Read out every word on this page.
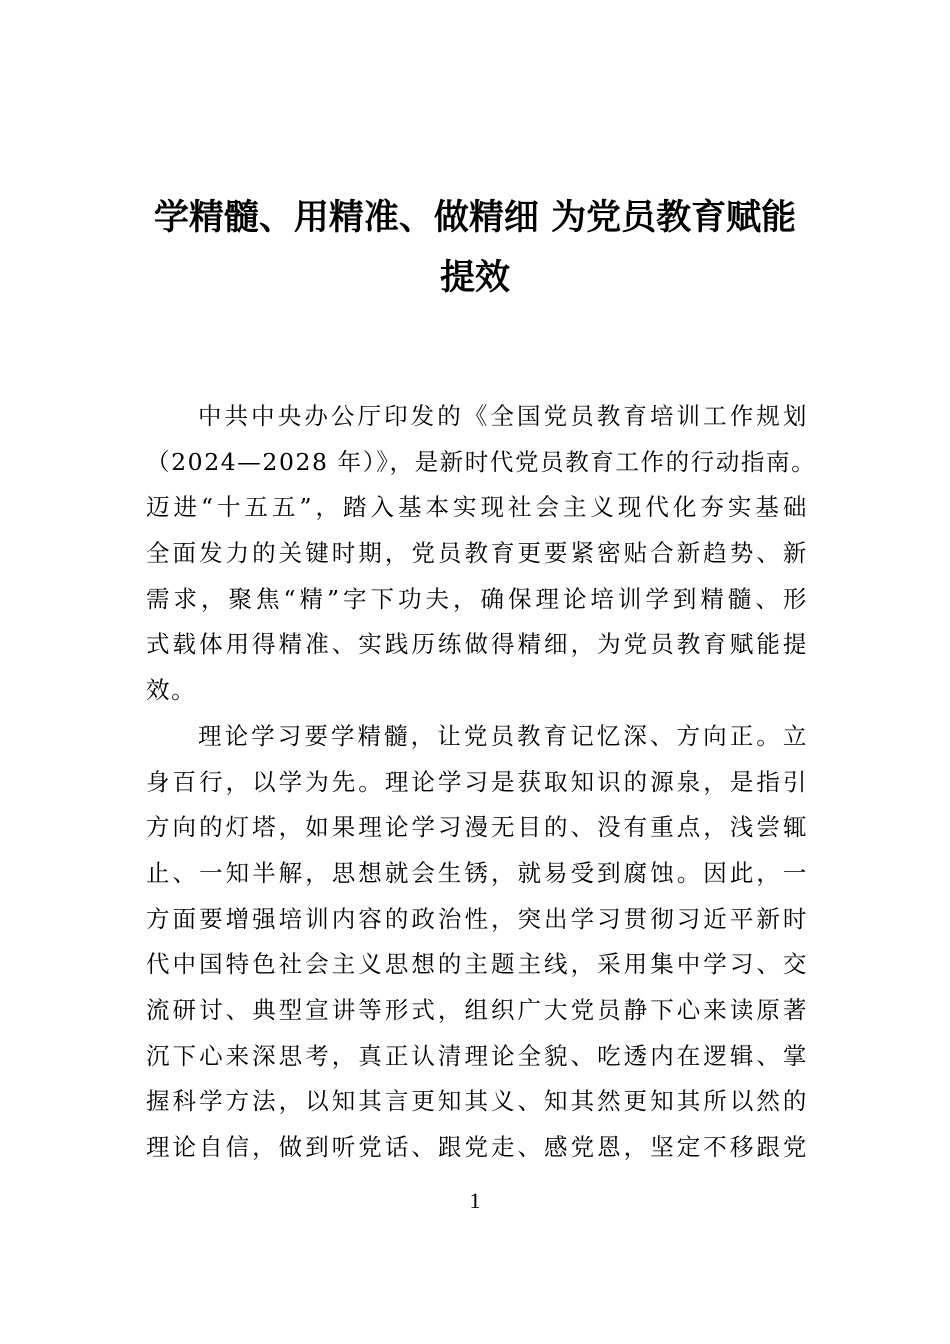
学精髓、用精准、做精细 为党员教育赋能
提效
中共中央办公厅印发的《全国党员教育培训工作规划
（2024—2028 年）》，是新时代党员教育工作的行动指南。
迈进“十五五”，踏入基本实现社会主义现代化夯实基础
全面发力的关键时期，党员教育更要紧密贴合新趋势、新
需求，聚焦“精”字下功夫，确保理论培训学到精髓、形
式载体用得精准、实践历练做得精细，为党员教育赋能提
效。
理论学习要学精髓，让党员教育记忆深、方向正。立
身百行，以学为先。理论学习是获取知识的源泉，是指引
方向的灯塔，如果理论学习漫无目的、没有重点，浅尝辄
止、一知半解，思想就会生锈，就易受到腐蚀。因此，一
方面要增强培训内容的政治性，突出学习贯彻习近平新时
代中国特色社会主义思想的主题主线，采用集中学习、交
流研讨、典型宣讲等形式，组织广大党员静下心来读原著
沉下心来深思考，真正认清理论全貌、吃透内在逻辑、掌
握科学方法，以知其言更知其义、知其然更知其所以然的
理论自信，做到听党话、跟党走、感党恩，坚定不移跟党
1
